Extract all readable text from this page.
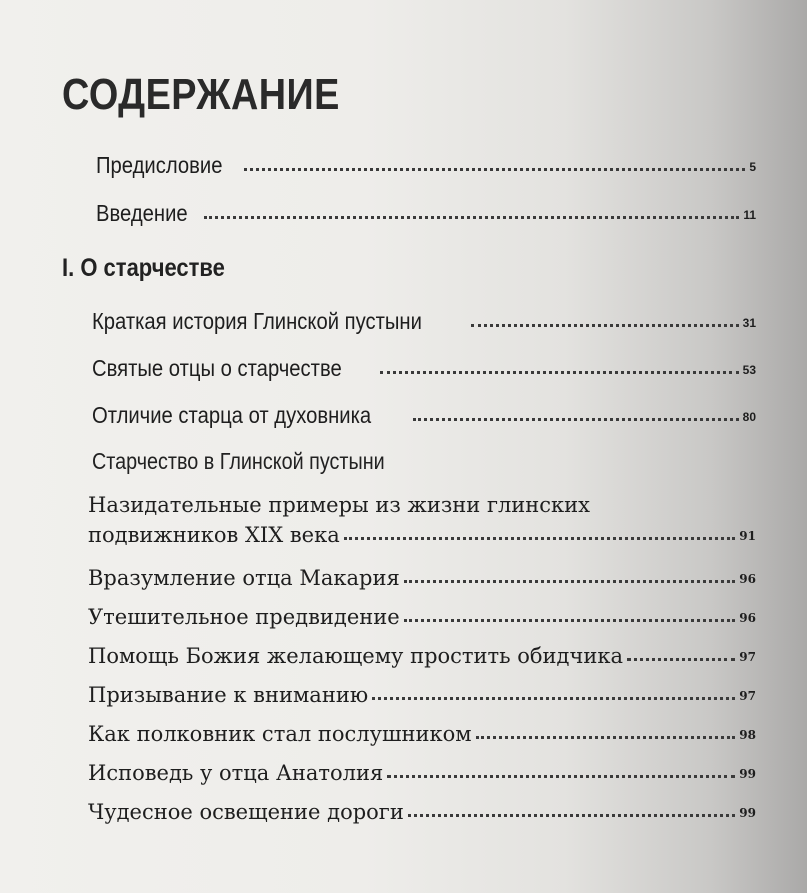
СОДЕРЖАНИЕ
Предисловие	5
Введение	11
I. О старчестве
Краткая история Глинской пустыни	31
Святые отцы о старчестве	53
Отличие старца от духовника	80
Старчество в Глинской пустыни
Назидательные примеры из жизни глинских
подвижников XIX века	91
Вразумление отца Макария	96
Утешительное предвидение	96
Помощь Божия желающему простить обидчика	97
Призывание к вниманию	97
Как полковник стал послушником	98
Исповедь у отца Анатолия	99
Чудесное освещение дороги	99
